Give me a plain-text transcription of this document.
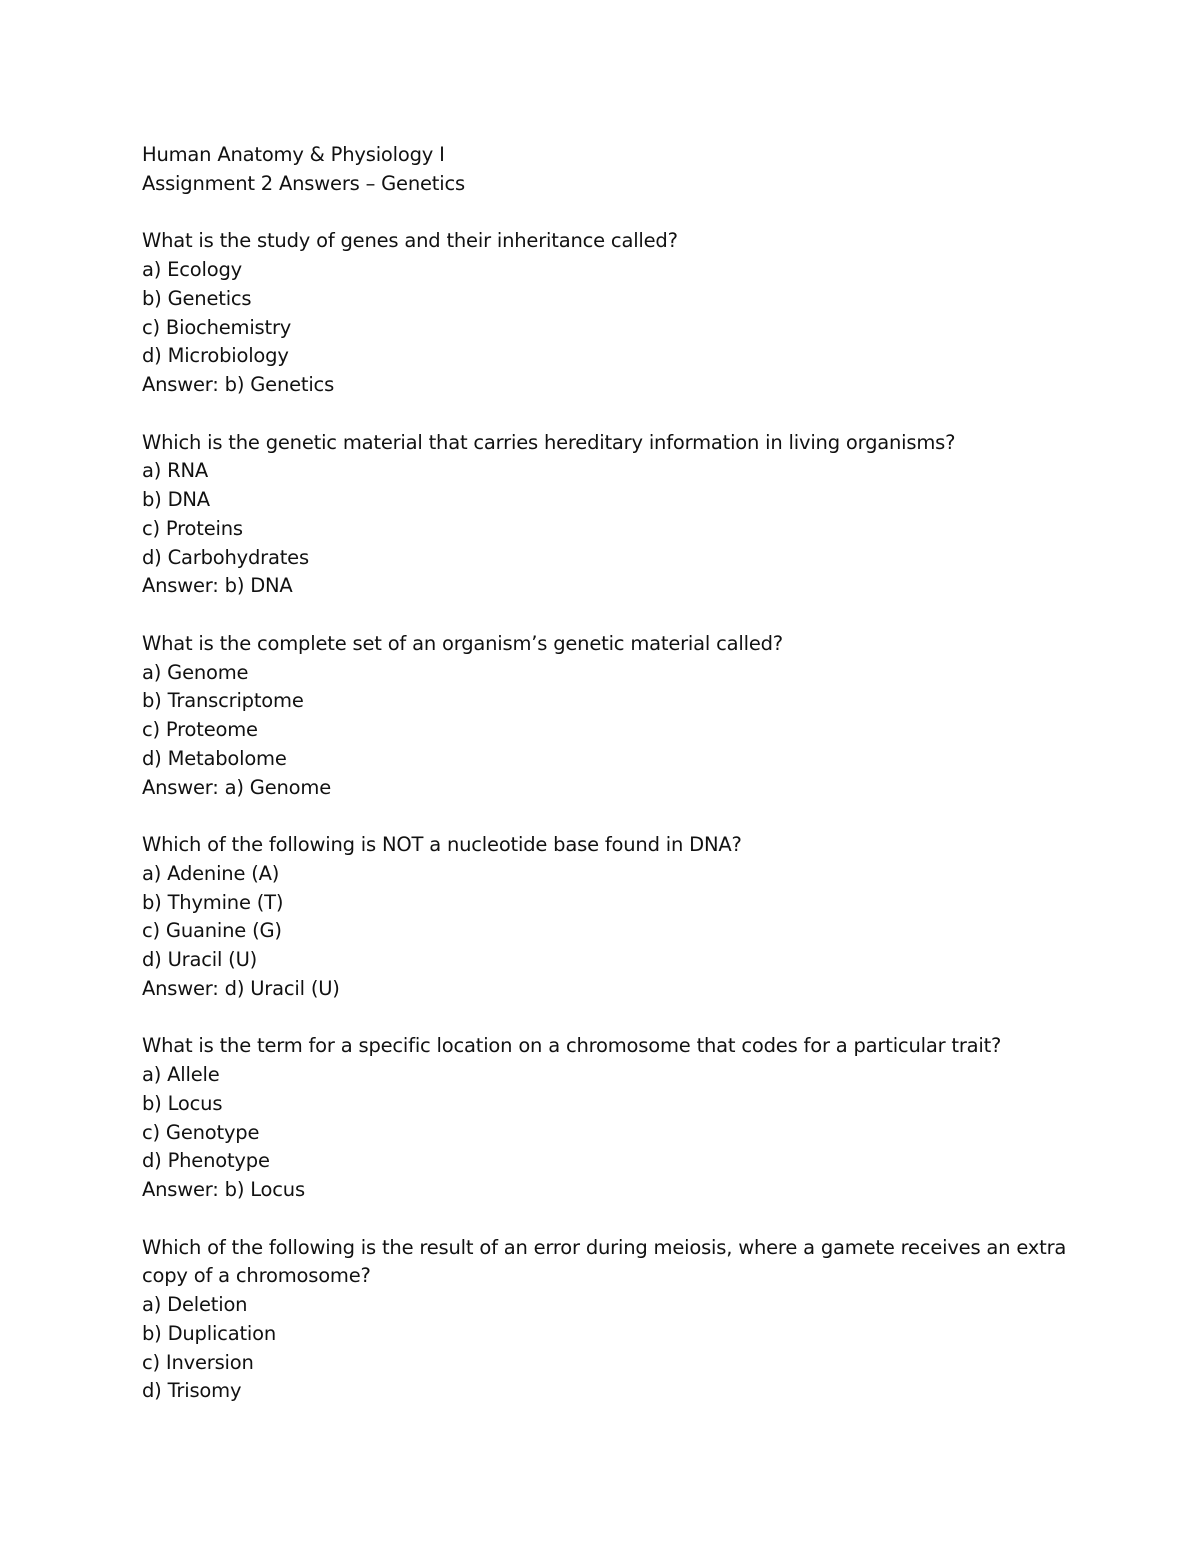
Human Anatomy & Physiology I
Assignment 2 Answers – Genetics
What is the study of genes and their inheritance called?
a) Ecology
b) Genetics
c) Biochemistry
d) Microbiology
Answer: b) Genetics
Which is the genetic material that carries hereditary information in living organisms?
a) RNA
b) DNA
c) Proteins
d) Carbohydrates
Answer: b) DNA
What is the complete set of an organism’s genetic material called?
a) Genome
b) Transcriptome
c) Proteome
d) Metabolome
Answer: a) Genome
Which of the following is NOT a nucleotide base found in DNA?
a) Adenine (A)
b) Thymine (T)
c) Guanine (G)
d) Uracil (U)
Answer: d) Uracil (U)
What is the term for a specific location on a chromosome that codes for a particular trait?
a) Allele
b) Locus
c) Genotype
d) Phenotype
Answer: b) Locus
Which of the following is the result of an error during meiosis, where a gamete receives an extra
copy of a chromosome?
a) Deletion
b) Duplication
c) Inversion
d) Trisomy
